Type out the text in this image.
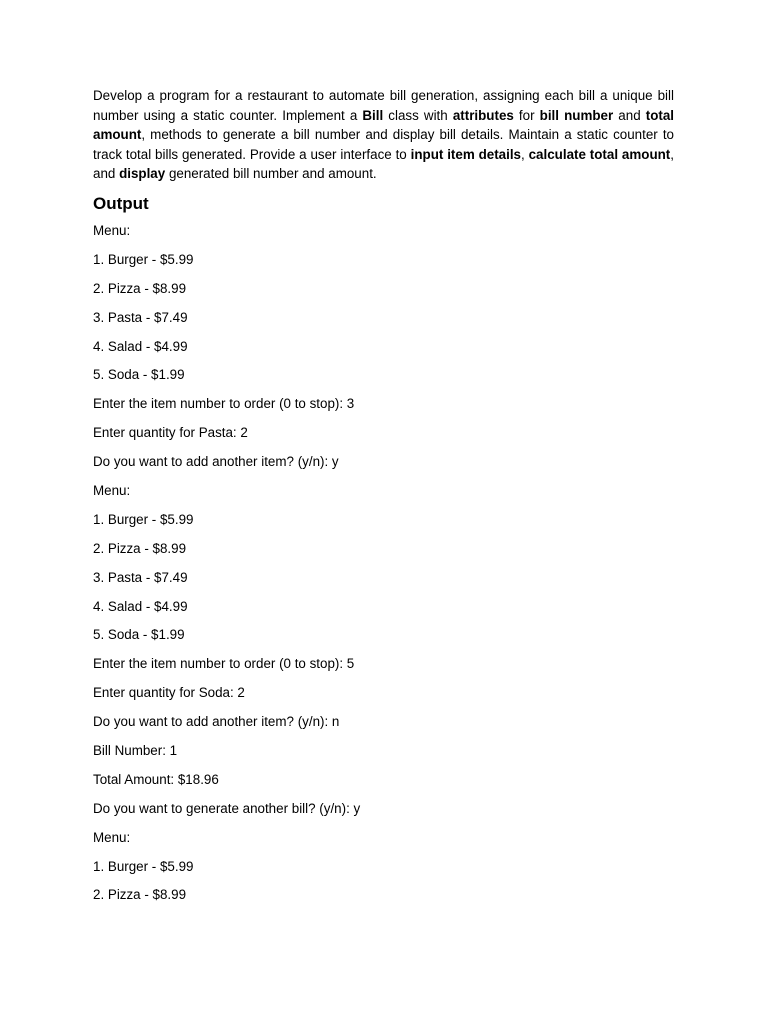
Develop a program for a restaurant to automate bill generation, assigning each bill a unique bill number using a static counter. Implement a Bill class with attributes for bill number and total amount, methods to generate a bill number and display bill details. Maintain a static counter to track total bills generated. Provide a user interface to input item details, calculate total amount, and display generated bill number and amount.

Output
Menu:
1. Burger - $5.99
2. Pizza - $8.99
3. Pasta - $7.49
4. Salad - $4.99
5. Soda - $1.99
Enter the item number to order (0 to stop): 3
Enter quantity for Pasta: 2
Do you want to add another item? (y/n): y
Menu:
1. Burger - $5.99
2. Pizza - $8.99
3. Pasta - $7.49
4. Salad - $4.99
5. Soda - $1.99
Enter the item number to order (0 to stop): 5
Enter quantity for Soda: 2
Do you want to add another item? (y/n): n
Bill Number: 1
Total Amount: $18.96
Do you want to generate another bill? (y/n): y
Menu:
1. Burger - $5.99
2. Pizza - $8.99
